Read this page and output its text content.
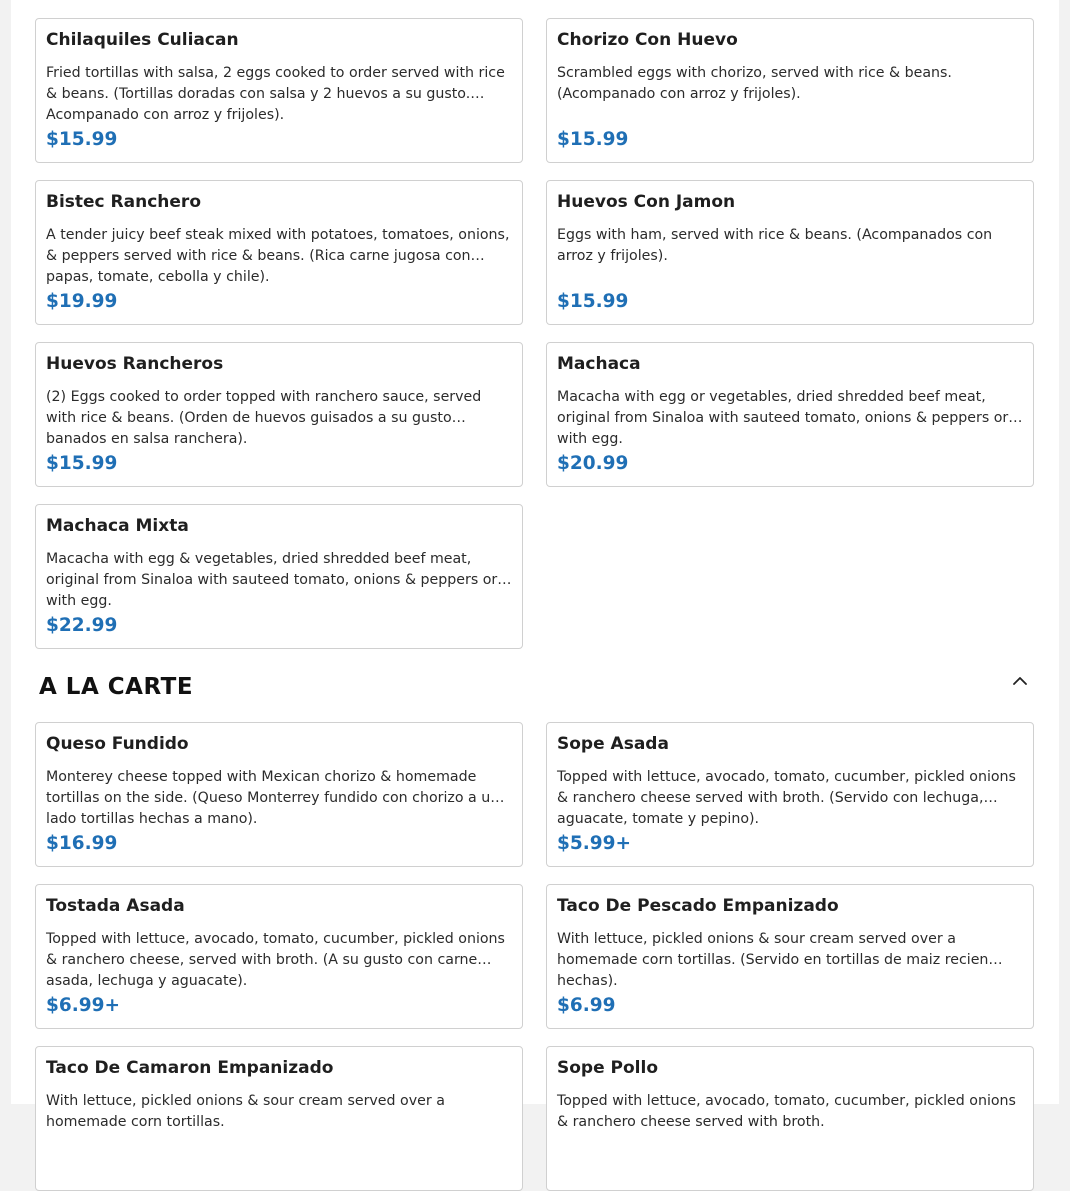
Chilaquiles Culiacan
Fried tortillas with salsa, 2 eggs cooked to order served with rice & beans. (Tortillas doradas con salsa y 2 huevos a su gusto. Acompanado con arroz y frijoles).
$15.99
Chorizo Con Huevo
Scrambled eggs with chorizo, served with rice & beans. (Acompanado con arroz y frijoles).
$15.99
Bistec Ranchero
A tender juicy beef steak mixed with potatoes, tomatoes, onions, & peppers served with rice & beans. (Rica carne jugosa con papas, tomate, cebolla y chile).
$19.99
Huevos Con Jamon
Eggs with ham, served with rice & beans. (Acompanados con arroz y frijoles).
$15.99
Huevos Rancheros
(2) Eggs cooked to order topped with ranchero sauce, served with rice & beans. (Orden de huevos guisados a su gusto banados en salsa ranchera).
$15.99
Machaca
Macacha with egg or vegetables, dried shredded beef meat, original from Sinaloa with sauteed tomato, onions & peppers or with egg.
$20.99
Machaca Mixta
Macacha with egg & vegetables, dried shredded beef meat, original from Sinaloa with sauteed tomato, onions & peppers or with egg.
$22.99
A LA CARTE
Queso Fundido
Monterey cheese topped with Mexican chorizo & homemade tortillas on the side. (Queso Monterrey fundido con chorizo a un lado tortillas hechas a mano).
$16.99
Sope Asada
Topped with lettuce, avocado, tomato, cucumber, pickled onions & ranchero cheese served with broth. (Servido con lechuga, aguacate, tomate y pepino).
$5.99+
Tostada Asada
Topped with lettuce, avocado, tomato, cucumber, pickled onions & ranchero cheese, served with broth. (A su gusto con carne asada, lechuga y aguacate).
$6.99+
Taco De Pescado Empanizado
With lettuce, pickled onions & sour cream served over a homemade corn tortillas. (Servido en tortillas de maiz recien hechas).
$6.99
Taco De Camaron Empanizado
With lettuce, pickled onions & sour cream served over a homemade corn tortillas.
Sope Pollo
Topped with lettuce, avocado, tomato, cucumber, pickled onions & ranchero cheese served with broth.
